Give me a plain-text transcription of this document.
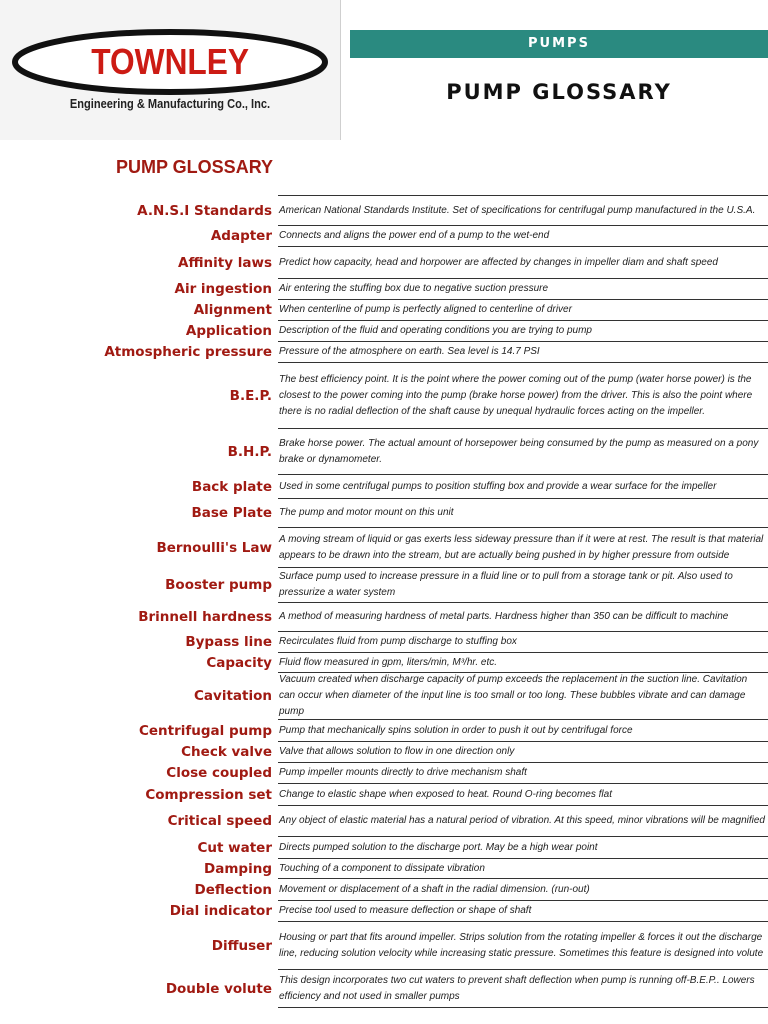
TOWNLEY
Engineering & Manufacturing Co., Inc.
PUMPS
PUMP GLOSSARY
PUMP GLOSSARY
A.N.S.I Standards American National Standards Institute. Set of specifications for centrifugal pump manufactured in the U.S.A.
Adapter Connects and aligns the power end of a pump to the wet-end
Affinity laws Predict how capacity, head and horpower are affected by changes in impeller diam and shaft speed
Air ingestion Air entering the stuffing box due to negative suction pressure
Alignment When centerline of pump is perfectly aligned to centerline of driver
Application Description of the fluid and operating conditions you are trying to pump
Atmospheric pressure Pressure of the atmosphere on earth. Sea level is 14.7 PSI
B.E.P.
The best efficiency point. It is the point where the power coming out of the pump (water horse power) is the closest to the power coming into the pump (brake horse power) from the driver. This is also the point where there is no radial deflection of the shaft cause by unequal hydraulic forces acting on the impeller.
B.H.P.
Brake horse power. The actual amount of horsepower being consumed by the pump as measured on a pony brake or dynamometer.
Back plate Used in some centrifugal pumps to position stuffing box and provide a wear surface for the impeller
Base Plate The pump and motor mount on this unit
Bernoulli's Law
A moving stream of liquid or gas exerts less sideway pressure than if it were at rest. The result is that material appears to be drawn into the stream, but are actually being pushed in by higher pressure from outside
Booster pump
Surface pump used to increase pressure in a fluid line or to pull from a storage tank or pit. Also used to pressurize a water system
Brinnell hardness A method of measuring hardness of metal parts. Hardness higher than 350 can be difficult to machine
Bypass line Recirculates fluid from pump discharge to stuffing box
Capacity Fluid flow measured in gpm, liters/min, M³/hr. etc.
Cavitation
Vacuum created when discharge capacity of pump exceeds the replacement in the suction line. Cavitation can occur when diameter of the input line is too small or too long. These bubbles vibrate and can damage pump
Centrifugal pump Pump that mechanically spins solution in order to push it out by centrifugal force
Check valve Valve that allows solution to flow in one direction only
Close coupled Pump impeller mounts directly to drive mechanism shaft
Compression set Change to elastic shape when exposed to heat. Round O-ring becomes flat
Critical speed Any object of elastic material has a natural period of vibration. At this speed, minor vibrations will be magnified
Cut water Directs pumped solution to the discharge port. May be a high wear point
Damping Touching of a component to dissipate vibration
Deflection Movement or displacement of a shaft in the radial dimension. (run-out)
Dial indicator Precise tool used to measure deflection or shape of shaft
Diffuser
Housing or part that fits around impeller. Strips solution from the rotating impeller & forces it out the discharge line, reducing solution velocity while increasing static pressure. Sometimes this feature is designed into volute
Double volute
This design incorporates two cut waters to prevent shaft deflection when pump is running off-B.E.P.. Lowers efficiency and not used in smaller pumps
